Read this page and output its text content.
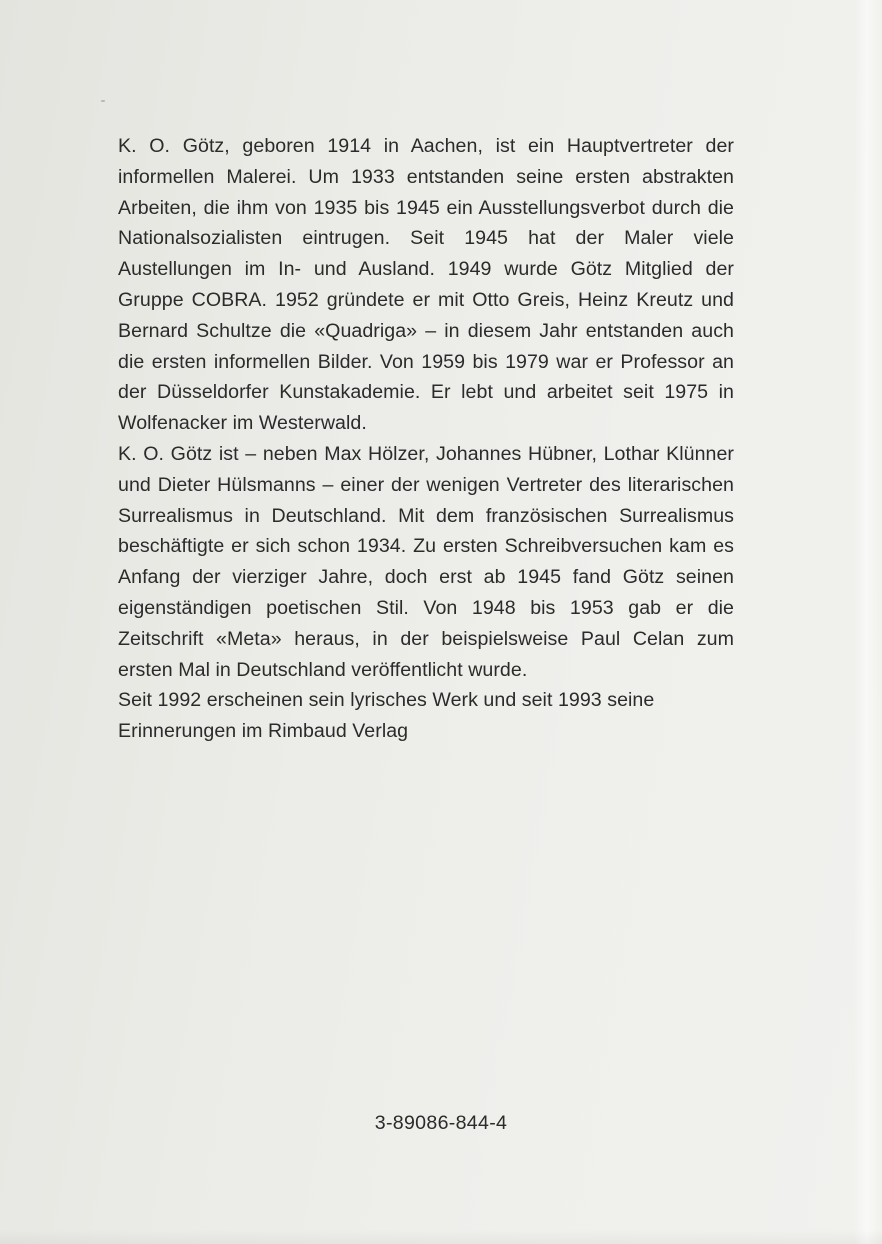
K. O. Götz, geboren 1914 in Aachen, ist ein Hauptvertreter der informellen Malerei. Um 1933 entstanden seine ersten abstrakten Arbeiten, die ihm von 1935 bis 1945 ein Ausstellungsverbot durch die Nationalsozialisten eintrugen. Seit 1945 hat der Maler viele Austellungen im In- und Ausland. 1949 wurde Götz Mitglied der Gruppe COBRA. 1952 gründete er mit Otto Greis, Heinz Kreutz und Bernard Schultze die «Quadriga» – in diesem Jahr entstanden auch die ersten informellen Bilder. Von 1959 bis 1979 war er Professor an der Düsseldorfer Kunstakademie. Er lebt und arbeitet seit 1975 in Wolfenacker im Westerwald.

K. O. Götz ist – neben Max Hölzer, Johannes Hübner, Lothar Klünner und Dieter Hülsmanns – einer der wenigen Vertreter des literarischen Surrealismus in Deutschland. Mit dem französischen Surrealismus beschäftigte er sich schon 1934. Zu ersten Schreibversuchen kam es Anfang der vierziger Jahre, doch erst ab 1945 fand Götz seinen eigenständigen poetischen Stil. Von 1948 bis 1953 gab er die Zeitschrift «Meta» heraus, in der beispielsweise Paul Celan zum ersten Mal in Deutschland veröffentlicht wurde.

Seit 1992 erscheinen sein lyrisches Werk und seit 1993 seine Erinnerungen im Rimbaud Verlag

3-89086-844-4
